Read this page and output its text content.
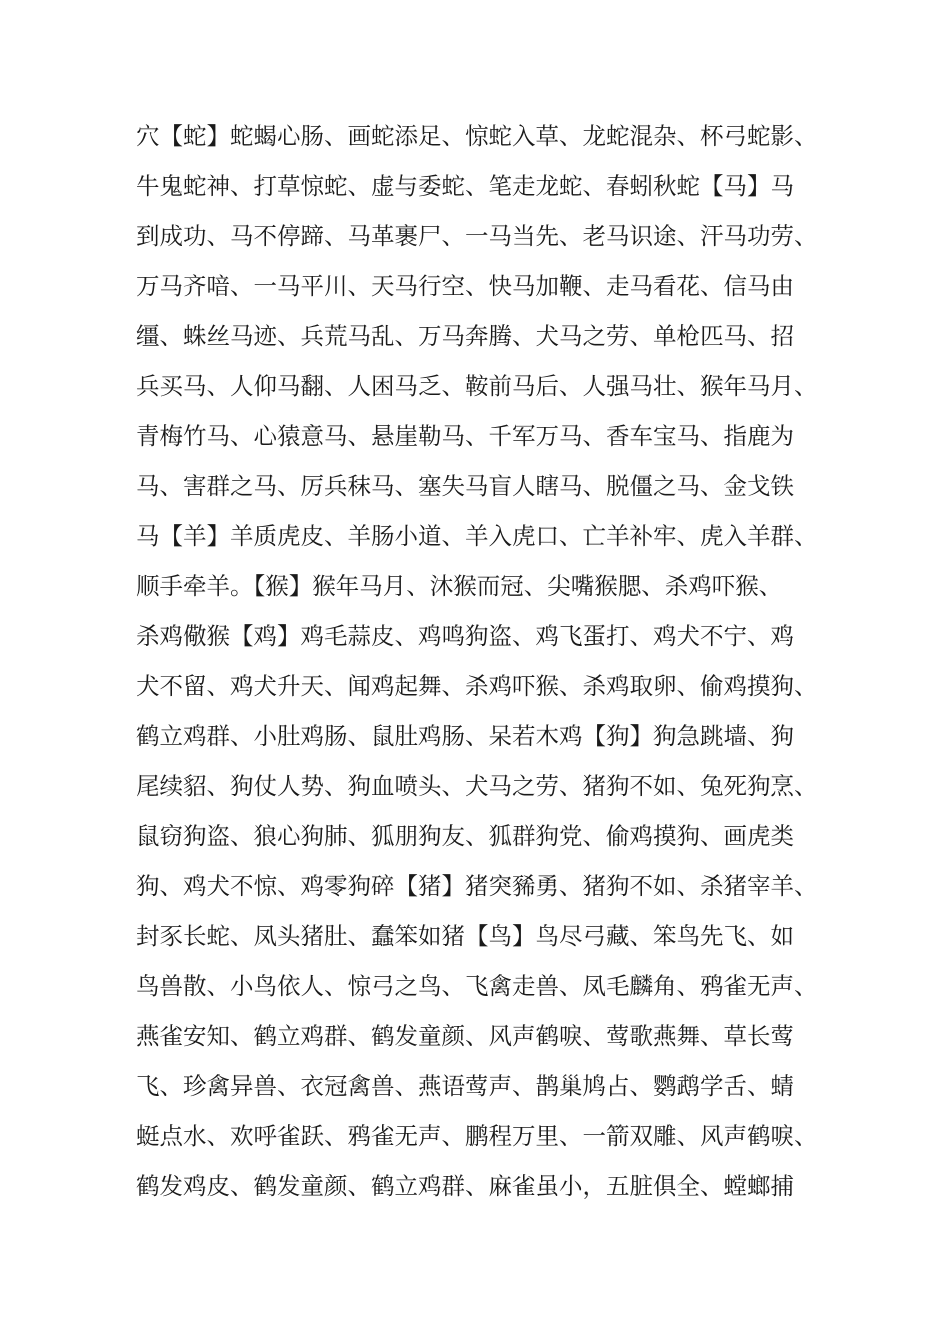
穴【蛇】蛇蝎心肠、画蛇添足、惊蛇入草、龙蛇混杂、杯弓蛇影、
牛鬼蛇神、打草惊蛇、虚与委蛇、笔走龙蛇、春蚓秋蛇【马】马
到成功、马不停蹄、马革裹尸、一马当先、老马识途、汗马功劳、
万马齐喑、一马平川、天马行空、快马加鞭、走马看花、信马由
缰、蛛丝马迹、兵荒马乱、万马奔腾、犬马之劳、单枪匹马、招
兵买马、人仰马翻、人困马乏、鞍前马后、人强马壮、猴年马月、
青梅竹马、心猿意马、悬崖勒马、千军万马、香车宝马、指鹿为
马、害群之马、厉兵秣马、塞失马盲人瞎马、脱僵之马、金戈铁
马【羊】羊质虎皮、羊肠小道、羊入虎口、亡羊补牢、虎入羊群、
顺手牵羊。【猴】猴年马月、沐猴而冠、尖嘴猴腮、杀鸡吓猴、
杀鸡儆猴【鸡】鸡毛蒜皮、鸡鸣狗盗、鸡飞蛋打、鸡犬不宁、鸡
犬不留、鸡犬升天、闻鸡起舞、杀鸡吓猴、杀鸡取卵、偷鸡摸狗、
鹤立鸡群、小肚鸡肠、鼠肚鸡肠、呆若木鸡【狗】狗急跳墙、狗
尾续貂、狗仗人势、狗血喷头、犬马之劳、猪狗不如、兔死狗烹、
鼠窃狗盗、狼心狗肺、狐朋狗友、狐群狗党、偷鸡摸狗、画虎类
狗、鸡犬不惊、鸡零狗碎【猪】猪突豨勇、猪狗不如、杀猪宰羊、
封豕长蛇、凤头猪肚、蠢笨如猪【鸟】鸟尽弓藏、笨鸟先飞、如
鸟兽散、小鸟依人、惊弓之鸟、飞禽走兽、凤毛麟角、鸦雀无声、
燕雀安知、鹤立鸡群、鹤发童颜、风声鹤唳、莺歌燕舞、草长莺
飞、珍禽异兽、衣冠禽兽、燕语莺声、鹊巢鸠占、鹦鹉学舌、蜻
蜓点水、欢呼雀跃、鸦雀无声、鹏程万里、一箭双雕、风声鹤唳、
鹤发鸡皮、鹤发童颜、鹤立鸡群、麻雀虽小，五脏俱全、螳螂捕
